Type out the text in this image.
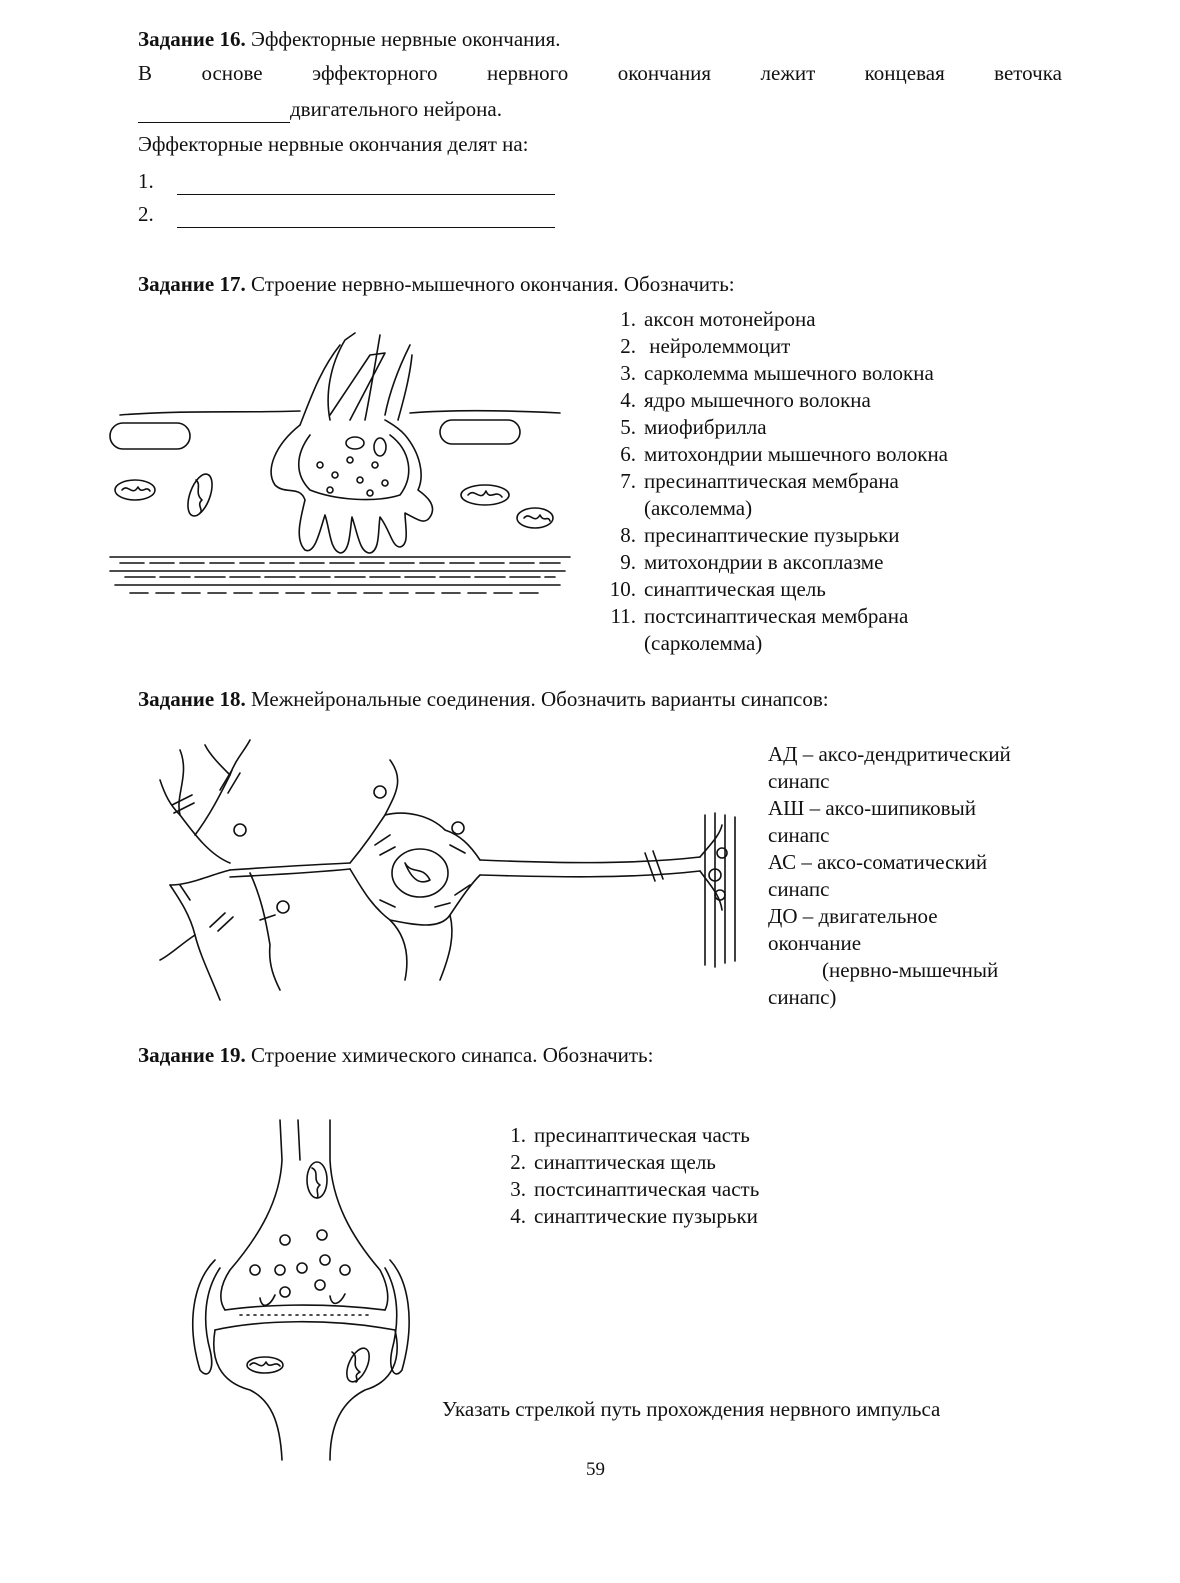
Задание 16. Эффекторные нервные окончания.
В основе эффекторного нервного окончания лежит концевая веточка
двигательного нейрона.
Эффекторные нервные окончания делят на:
1.
2.
Задание 17. Строение нервно-мышечного окончания. Обозначить:
1. аксон мотонейрона
2. нейролеммоцит
3. сарколемма мышечного волокна
4. ядро мышечного волокна
5. миофибрилла
6. митохондрии мышечного волокна
7. пресинаптическая мембрана
(аксолемма)
8. пресинаптические пузырьки
9. митохондрии в аксоплазме
10. синаптическая щель
11. постсинаптическая мембрана
(сарколемма)
Задание 18. Межнейрональные соединения. Обозначить варианты синапсов:
АД – аксо-дендритический
синапс
АШ – аксо-шипиковый
синапс
АС – аксо-соматический
синапс
ДО – двигательное
окончание
(нервно-мышечный
синапс)
Задание 19. Строение химического синапса. Обозначить:
1. пресинаптическая часть
2. синаптическая щель
3. постсинаптическая часть
4. синаптические пузырьки
Указать стрелкой путь прохождения нервного импульса
59
